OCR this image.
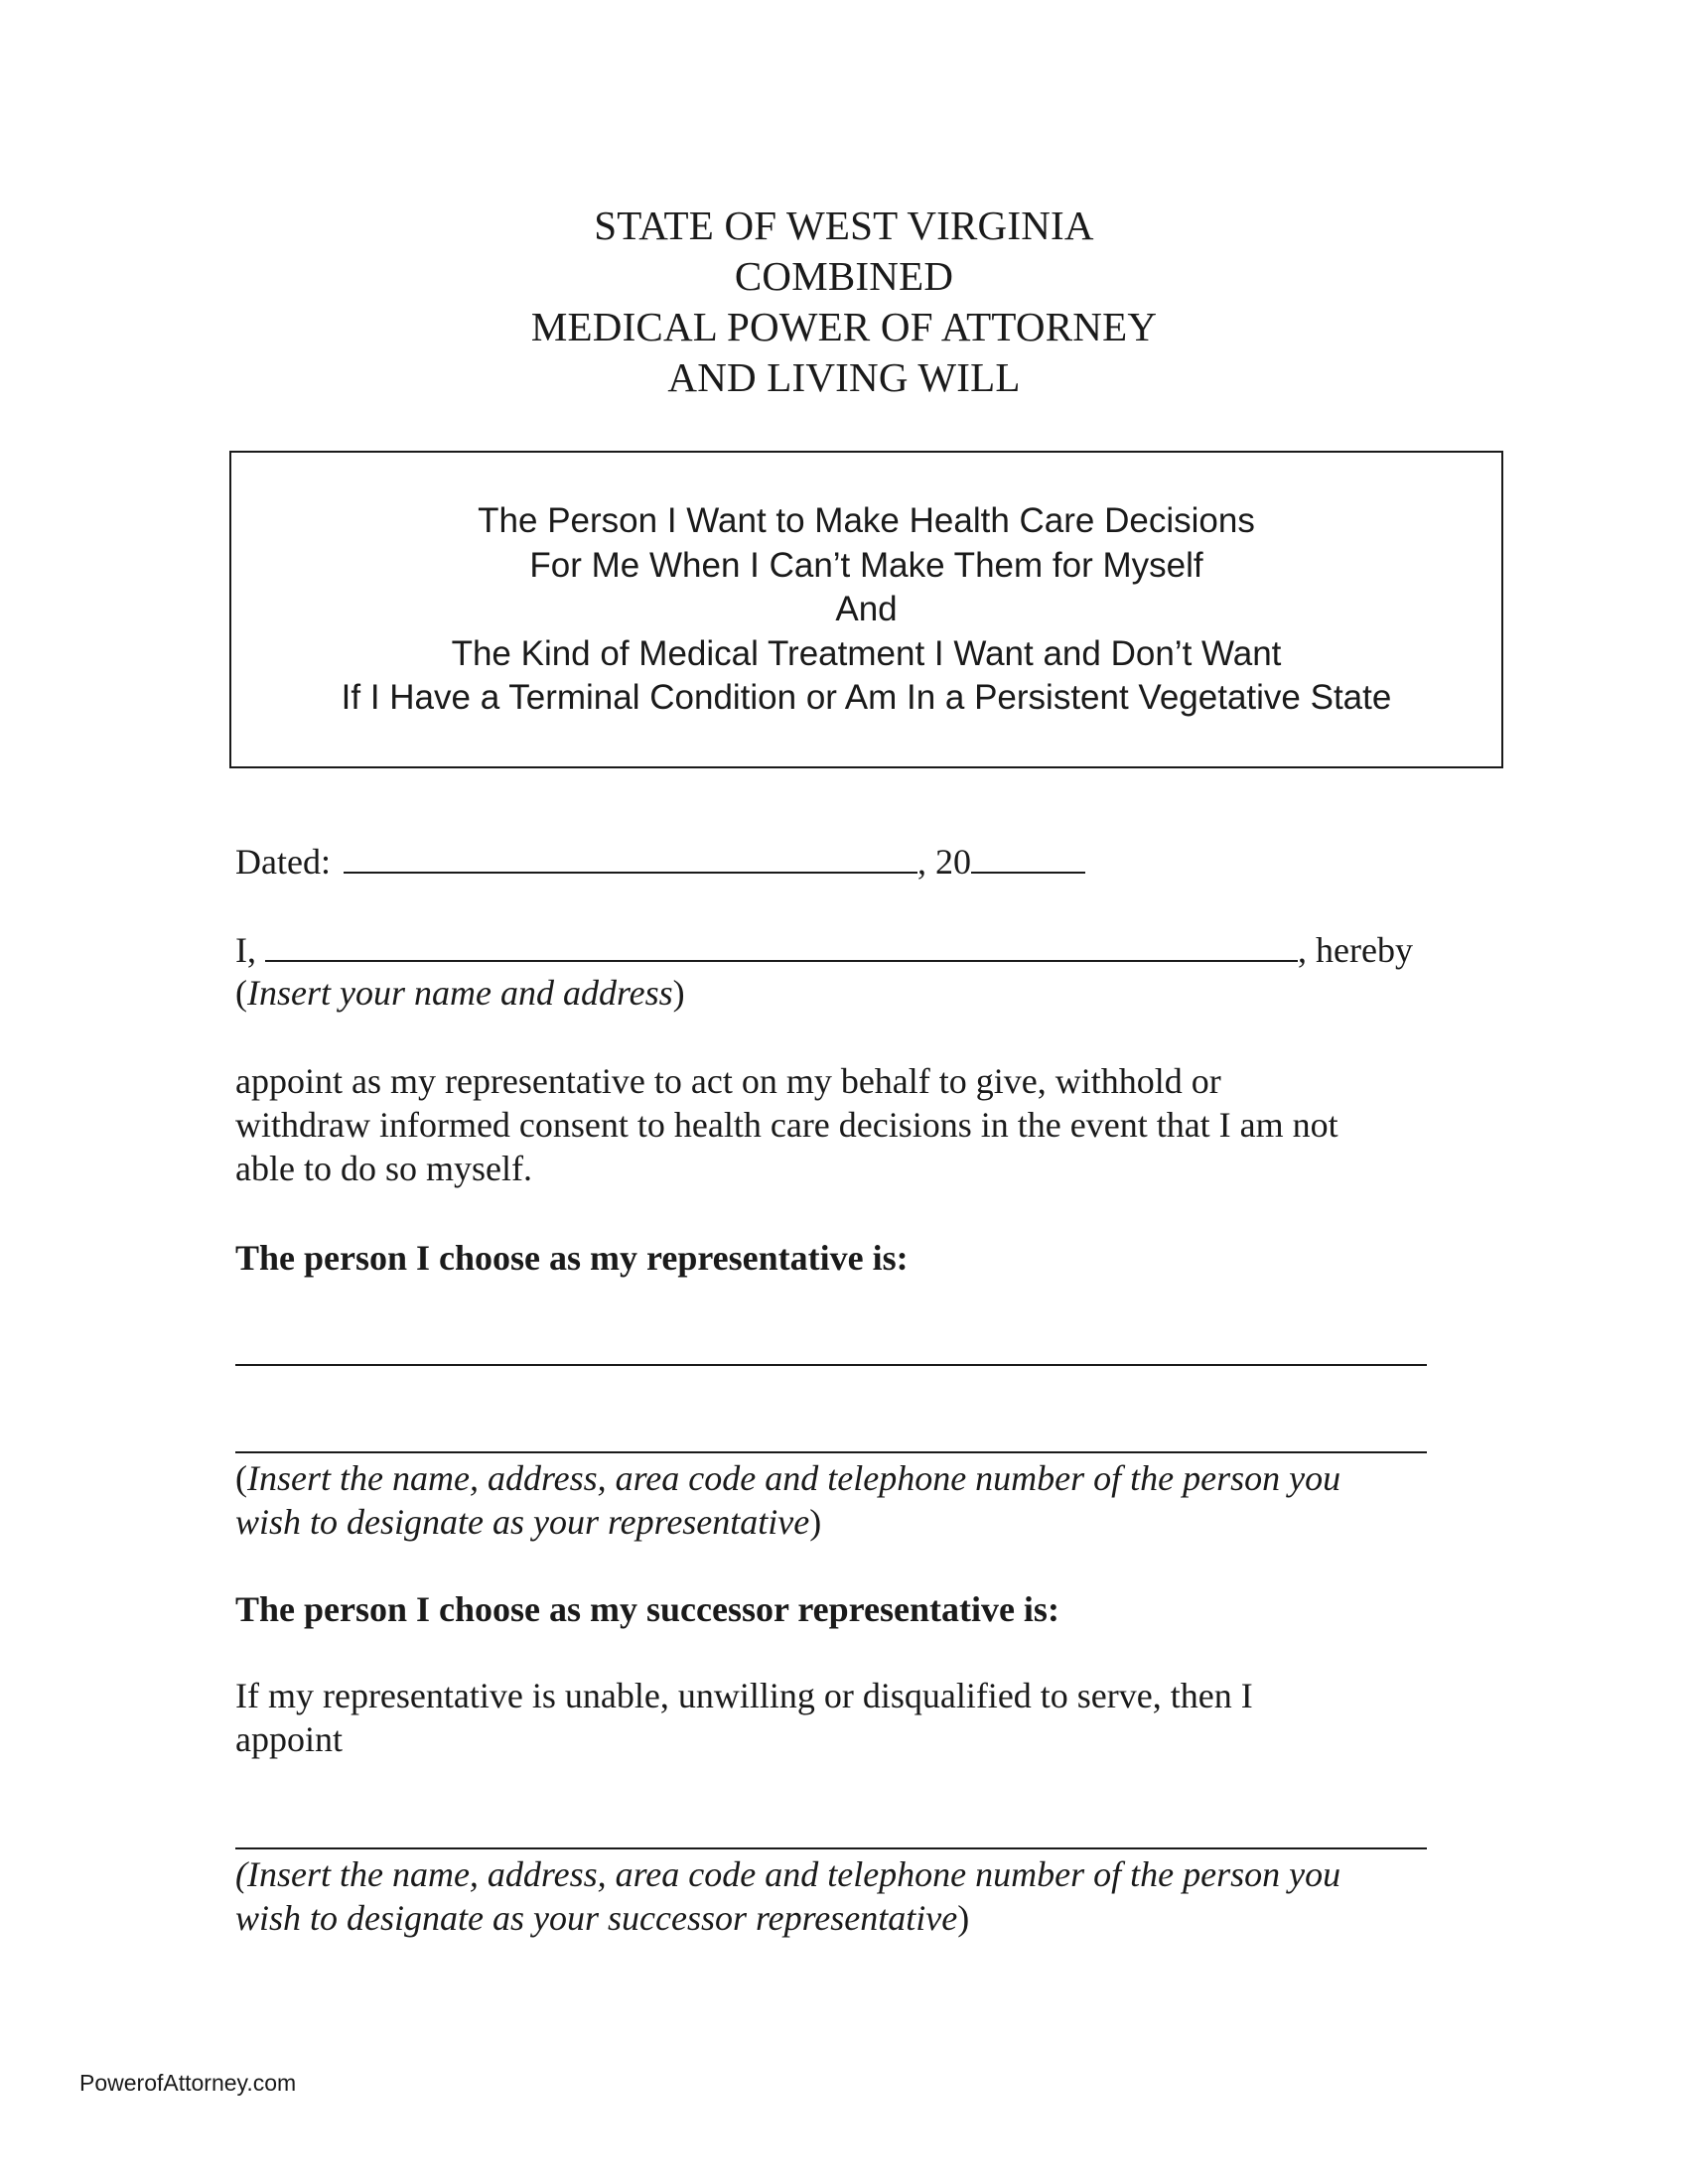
STATE OF WEST VIRGINIA
COMBINED
MEDICAL POWER OF ATTORNEY
AND LIVING WILL
The Person I Want to Make Health Care Decisions
For Me When I Can’t Make Them for Myself
And
The Kind of Medical Treatment I Want and Don’t Want
If I Have a Terminal Condition or Am In a Persistent Vegetative State
Dated:	, 20
I,	, hereby
(Insert your name and address)
appoint as my representative to act on my behalf to give, withhold or
withdraw informed consent to health care decisions in the event that I am not
able to do so myself.
The person I choose as my representative is:
(Insert the name, address, area code and telephone number of the person you
wish to designate as your representative)
The person I choose as my successor representative is:
If my representative is unable, unwilling or disqualified to serve, then I
appoint
(Insert the name, address, area code and telephone number of the person you
wish to designate as your successor representative)
PowerofAttorney.com
